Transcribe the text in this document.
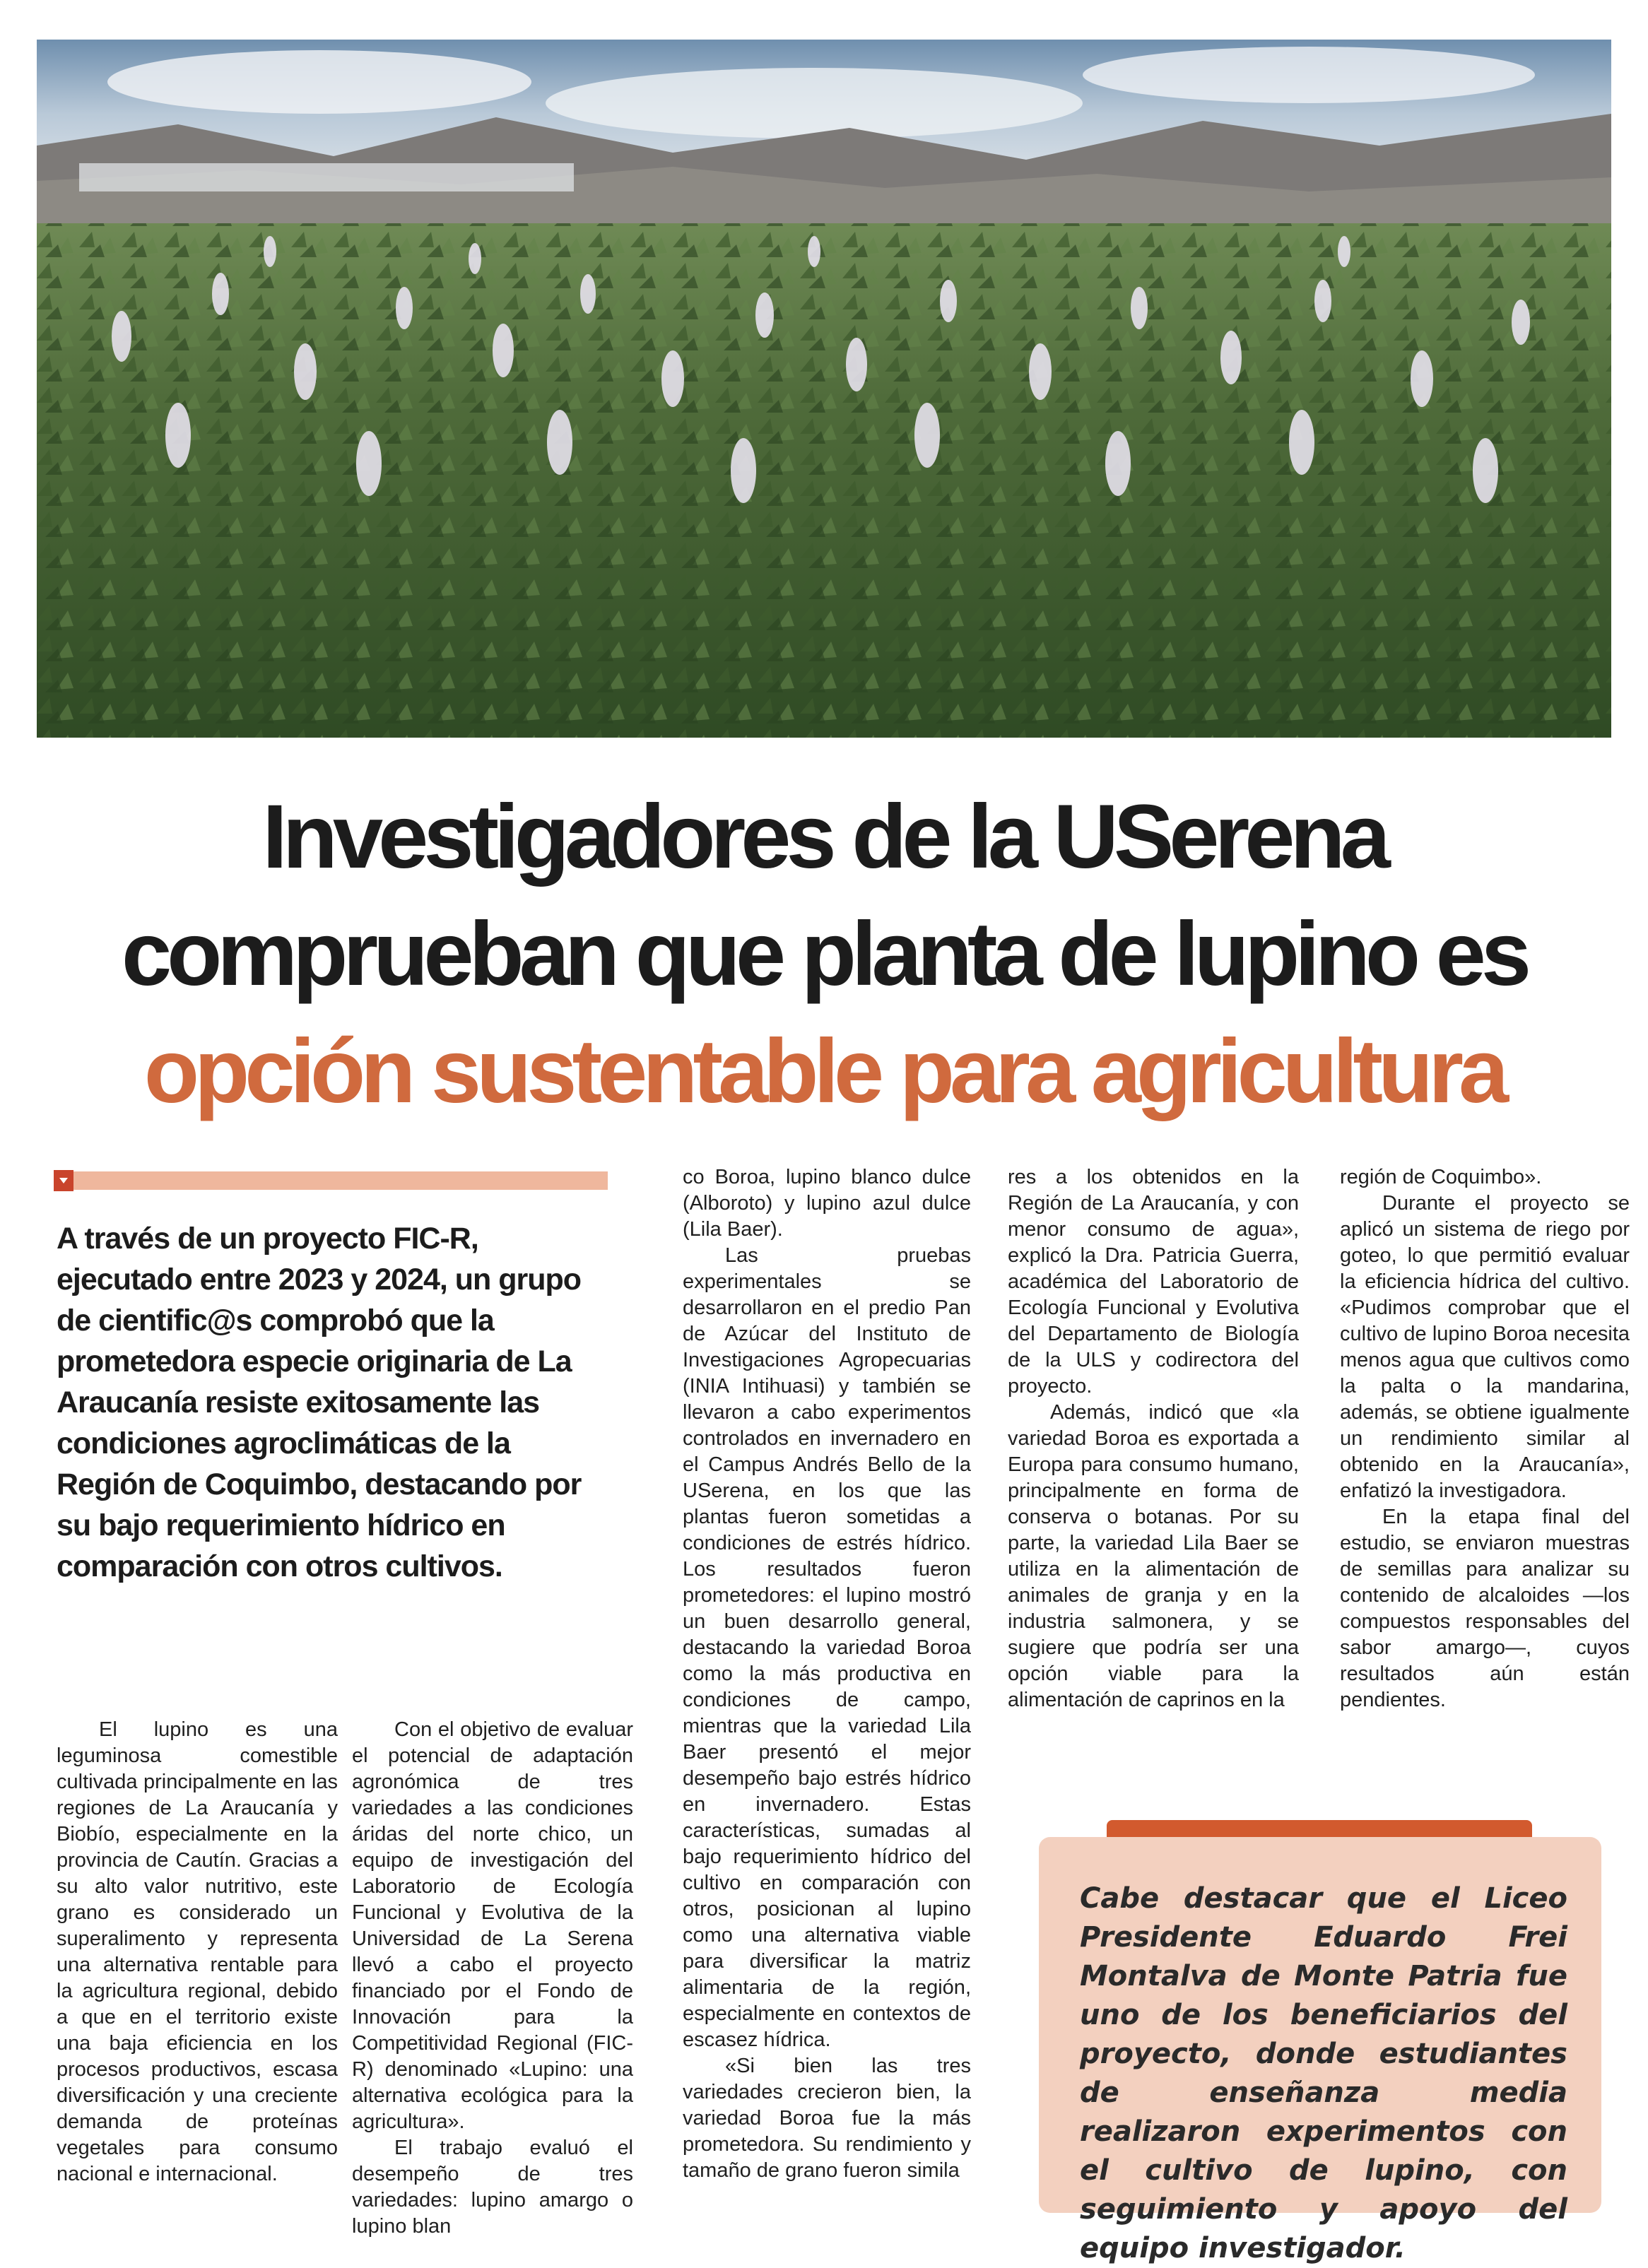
Investigadores de la USerena
comprueban que planta de lupino es
opción sustentable para agricultura
A través de un proyecto FIC-R, ejecutado entre 2023 y 2024, un grupo de cientific@s comprobó que la prometedora especie originaria de La Araucanía resiste exitosamente las condiciones agroclimáticas de la Región de Coquimbo, destacando por su bajo requerimiento hídrico en comparación con otros cultivos.

El lupino es una leguminosa comestible cultivada principalmente en las regiones de La Araucanía y Biobío, especialmente en la provincia de Cautín. Gracias a su alto valor nutritivo, este grano es considerado un superalimento y representa una alternativa rentable para la agricultura regional, debido a que en el territorio existe una baja eficiencia en los procesos productivos, escasa diversificación y una creciente demanda de proteínas vegetales para consumo nacional e internacional.

Con el objetivo de evaluar el potencial de adaptación agronómica de tres variedades a las condiciones áridas del norte chico, un equipo de investigación del Laboratorio de Ecología Funcional y Evolutiva de la Universidad de La Serena llevó a cabo el proyecto financiado por el Fondo de Innovación para la Competitividad Regional (FIC-R) denominado «Lupino: una alternativa ecológica para la agricultura».

El trabajo evaluó el desempeño de tres variedades: lupino amargo o lupino blan

co Boroa, lupino blanco dulce (Alboroto) y lupino azul dulce (Lila Baer).

Las pruebas experimentales se desarrollaron en el predio Pan de Azúcar del Instituto de Investigaciones Agropecuarias (INIA Intihuasi) y también se llevaron a cabo experimentos controlados en invernadero en el Campus Andrés Bello de la USerena, en los que las plantas fueron sometidas a condiciones de estrés hídrico. Los resultados fueron prometedores: el lupino mostró un buen desarrollo general, destacando la variedad Boroa como la más productiva en condiciones de campo, mientras que la variedad Lila Baer presentó el mejor desempeño bajo estrés hídrico en invernadero. Estas características, sumadas al bajo requerimiento hídrico del cultivo en comparación con otros, posicionan al lupino como una alternativa viable para diversificar la matriz alimentaria de la región, especialmente en contextos de escasez hídrica.

«Si bien las tres variedades crecieron bien, la variedad Boroa fue la más prometedora. Su rendimiento y tamaño de grano fueron simila

res a los obtenidos en la Región de La Araucanía, y con menor consumo de agua», explicó la Dra. Patricia Guerra, académica del Laboratorio de Ecología Funcional y Evolutiva del Departamento de Biología de la ULS y codirectora del proyecto.

Además, indicó que «la variedad Boroa es exportada a Europa para consumo humano, principalmente en forma de conserva o botanas. Por su parte, la variedad Lila Baer se utiliza en la alimentación de animales de granja y en la industria salmonera, y se sugiere que podría ser una opción viable para la alimentación de caprinos en la

región de Coquimbo».

Durante el proyecto se aplicó un sistema de riego por goteo, lo que permitió evaluar la eficiencia hídrica del cultivo. «Pudimos comprobar que el cultivo de lupino Boroa necesita menos agua que cultivos como la palta o la mandarina, además, se obtiene igualmente un rendimiento similar al obtenido en la Araucanía», enfatizó la investigadora.

En la etapa final del estudio, se enviaron muestras de semillas para analizar su contenido de alcaloides —los compuestos responsables del sabor amargo—, cuyos resultados aún están pendientes.

Cabe destacar que el Liceo Presidente Eduardo Frei Montalva de Monte Patria fue uno de los beneficiarios del proyecto, donde estudiantes de enseñanza media realizaron experimentos con el cultivo de lupino, con seguimiento y apoyo del equipo investigador.
